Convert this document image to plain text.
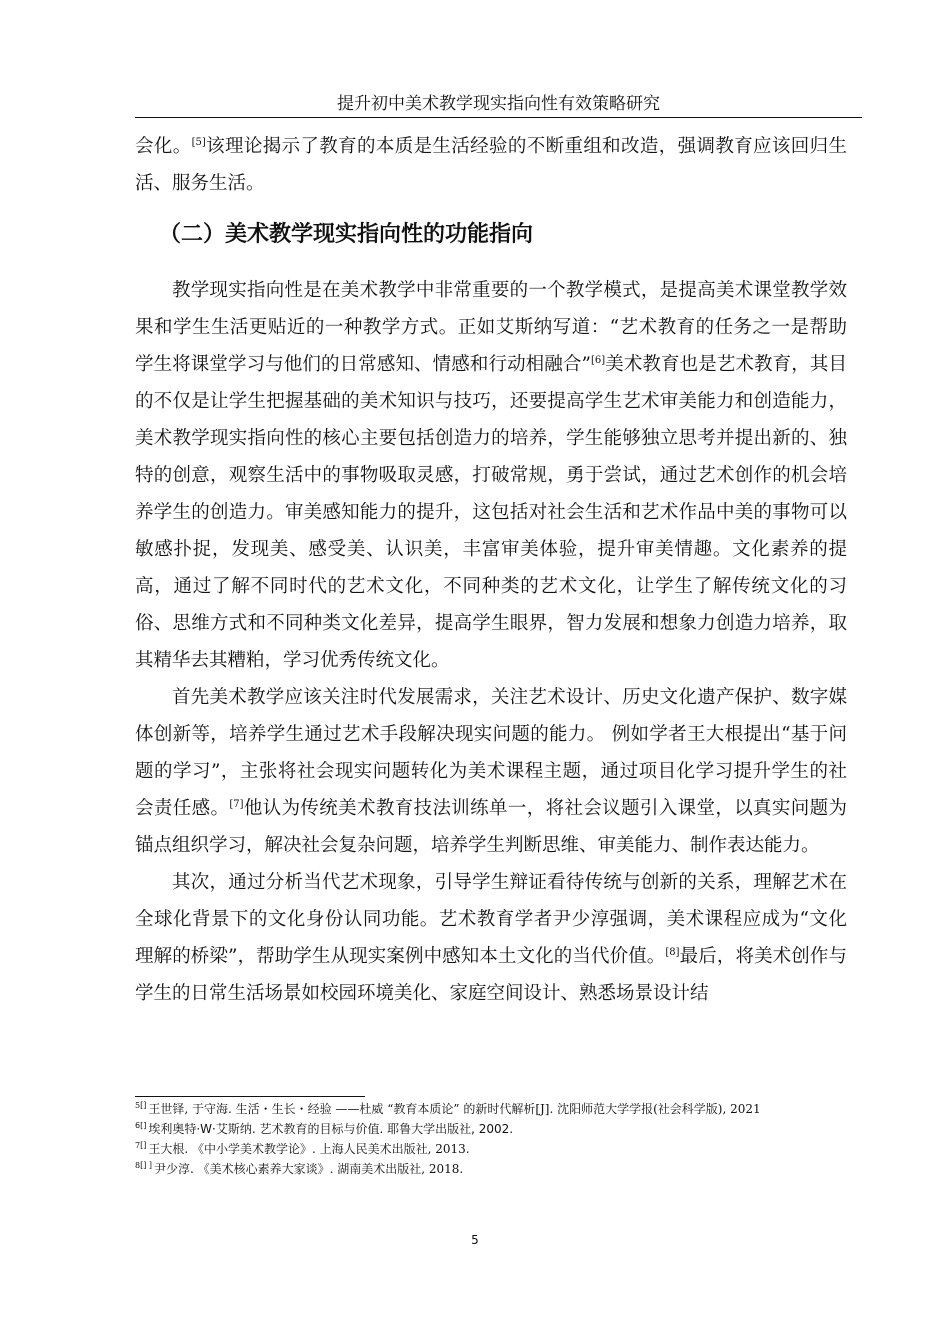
提升初中美术教学现实指向性有效策略研究

会化。[5]该理论揭示了教育的本质是生活经验的不断重组和改造，强调教育应该回归生活、服务生活。

（二）美术教学现实指向性的功能指向

教学现实指向性是在美术教学中非常重要的一个教学模式，是提高美术课堂教学效果和学生生活更贴近的一种教学方式。正如艾斯纳写道：“艺术教育的任务之一是帮助学生将课堂学习与他们的日常感知、情感和行动相融合”[6]美术教育也是艺术教育，其目的不仅是让学生把握基础的美术知识与技巧，还要提高学生艺术审美能力和创造能力，美术教学现实指向性的核心主要包括创造力的培养，学生能够独立思考并提出新的、独特的创意，观察生活中的事物吸取灵感，打破常规，勇于尝试，通过艺术创作的机会培养学生的创造力。审美感知能力的提升，这包括对社会生活和艺术作品中美的事物可以敏感扑捉，发现美、感受美、认识美，丰富审美体验，提升审美情趣。文化素养的提高，通过了解不同时代的艺术文化，不同种类的艺术文化，让学生了解传统文化的习俗、思维方式和不同种类文化差异，提高学生眼界，智力发展和想象力创造力培养，取其精华去其糟粕，学习优秀传统文化。

首先美术教学应该关注时代发展需求，关注艺术设计、历史文化遗产保护、数字媒体创新等，培养学生通过艺术手段解决现实问题的能力。 例如学者王大根提出“基于问题的学习”，主张将社会现实问题转化为美术课程主题，通过项目化学习提升学生的社会责任感。[7]他认为传统美术教育技法训练单一，将社会议题引入课堂，以真实问题为锚点组织学习，解决社会复杂问题，培养学生判断思维、审美能力、制作表达能力。

其次，通过分析当代艺术现象，引导学生辩证看待传统与创新的关系，理解艺术在全球化背景下的文化身份认同功能。艺术教育学者尹少淳强调，美术课程应成为“文化理解的桥梁”，帮助学生从现实案例中感知本土文化的当代价值。[8]最后，将美术创作与学生的日常生活场景如校园环境美化、家庭空间设计、熟悉场景设计结

$^{5[]}$ 王世铎, 于守海. 生活・生长・经验 ——杜威 “教育本质论” 的新时代解析[J]. 沈阳师范大学学报(社会科学版), 2021

$^{6[]}$ 埃利奥特·W·艾斯纳. 艺术教育的目标与价值. 耶鲁大学出版社, 2002.

$^{7[]}$ 王大根. 《中小学美术教学论》. 上海人民美术出版社, 2013.

$^{8[] ]}$ 尹少淳. 《美术核心素养大家谈》. 湖南美术出版社, 2018.

5
